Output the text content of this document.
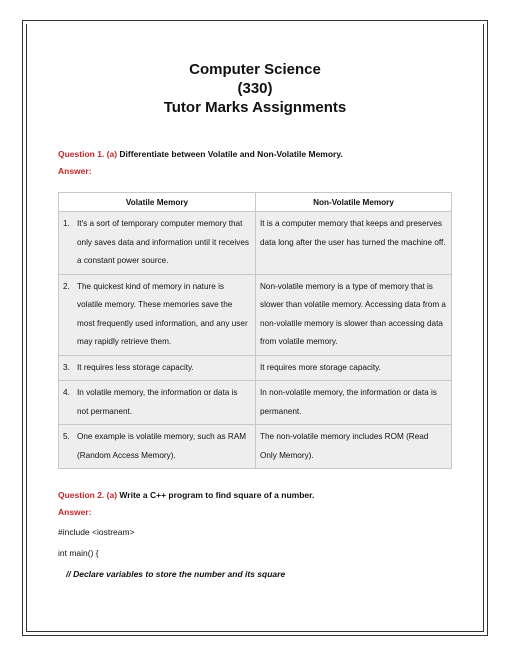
Computer Science
(330)
Tutor Marks Assignments
Question 1. (a) Differentiate between Volatile and Non-Volatile Memory.
Answer:
Volatile Memory	Non-Volatile Memory

1. It's a sort of temporary computer memory that only saves data and information until it receives a constant power source.	It is a computer memory that keeps and preserves data long after the user has turned the machine off.

2. The quickest kind of memory in nature is volatile memory. These memories save the most frequently used information, and any user may rapidly retrieve them.	Non-volatile memory is a type of memory that is slower than volatile memory. Accessing data from a non-volatile memory is slower than accessing data from volatile memory.

3. It requires less storage capacity.	It requires more storage capacity.

4. In volatile memory, the information or data is not permanent.	In non-volatile memory, the information or data is permanent.

5. One example is volatile memory, such as RAM (Random Access Memory).	The non-volatile memory includes ROM (Read Only Memory).
Question 2. (a) Write a C++ program to find square of a number.
Answer:
#include <iostream>
int main() {
// Declare variables to store the number and its square
